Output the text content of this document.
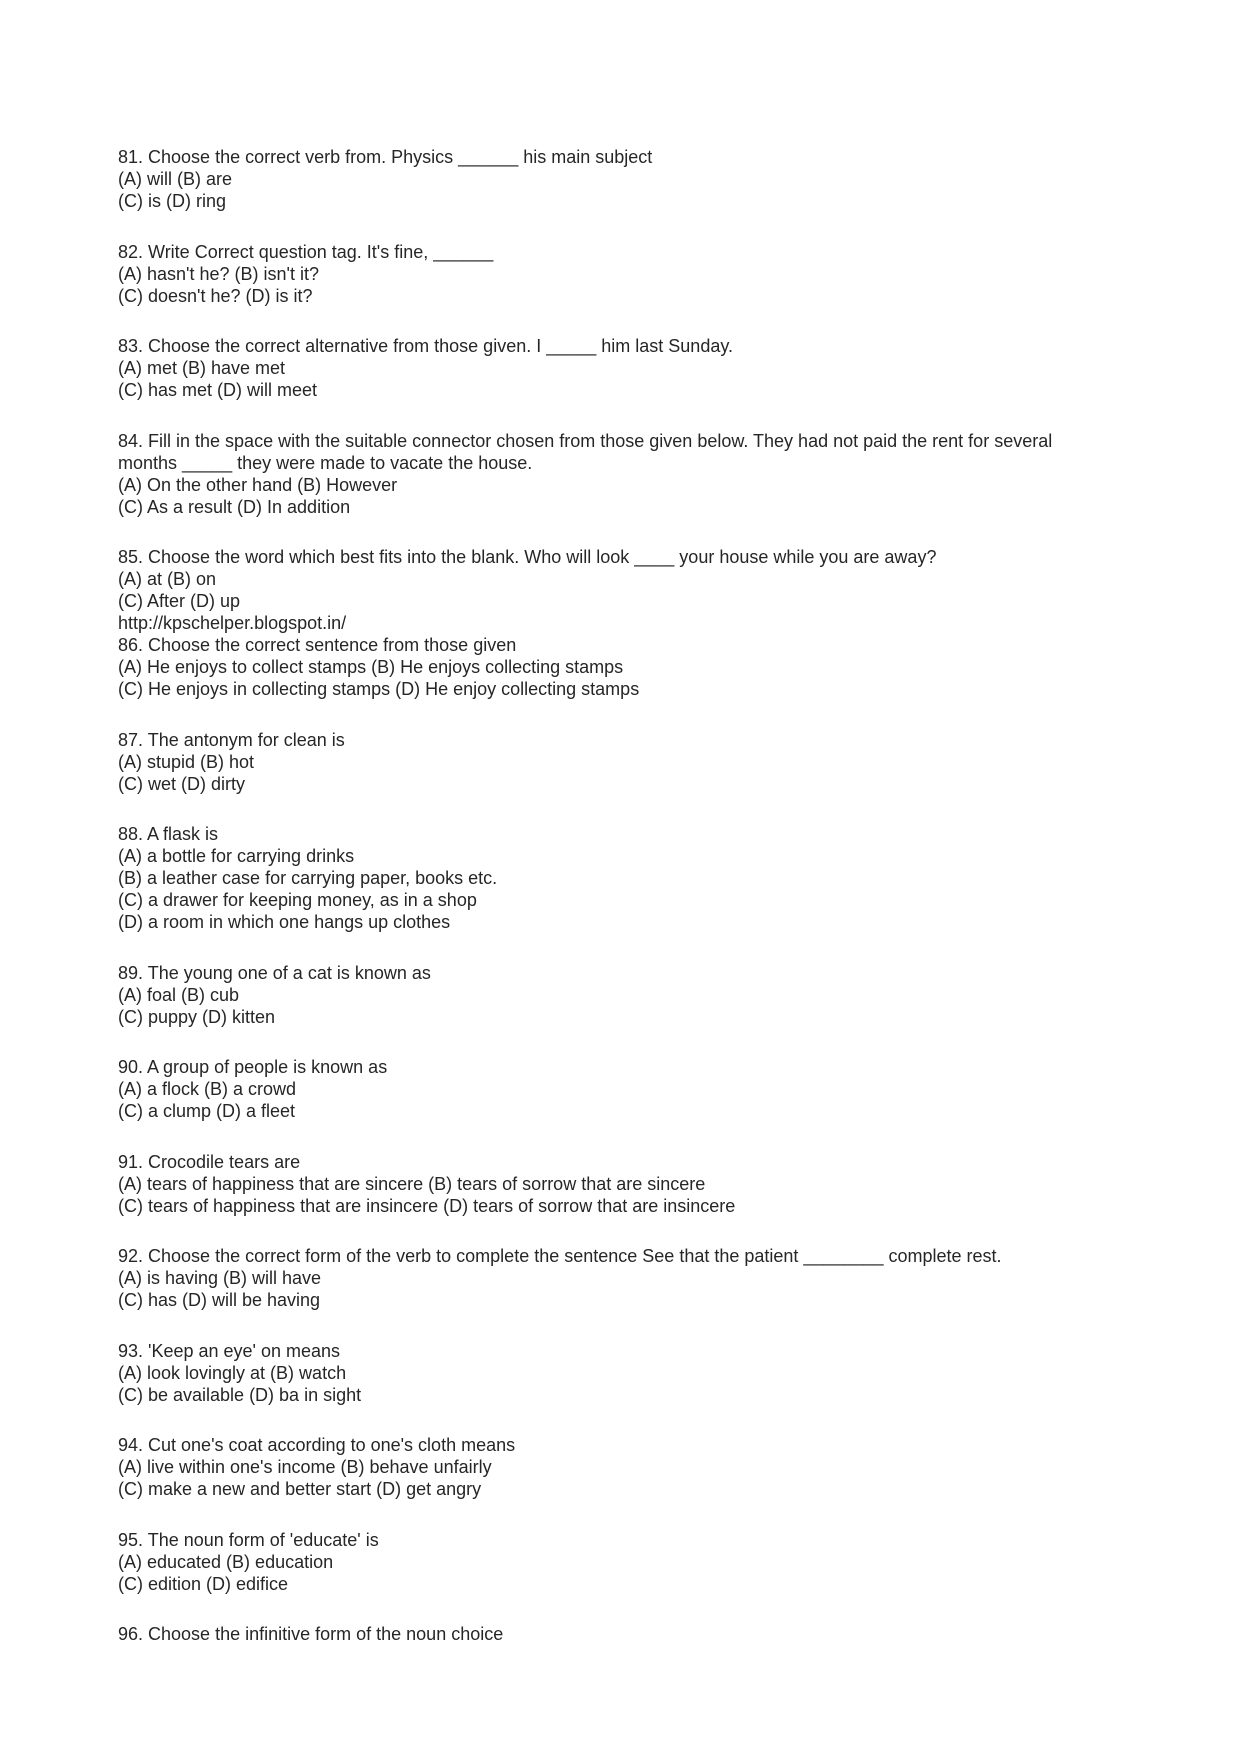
81. Choose the correct verb from. Physics ______ his main subject
(A) will (B) are
(C) is (D) ring
82. Write Correct question tag. It's fine, ______
(A) hasn't he? (B) isn't it?
(C) doesn't he? (D) is it?
83. Choose the correct alternative from those given. I _____ him last Sunday.
(A) met (B) have met
(C) has met (D) will meet
84. Fill in the space with the suitable connector chosen from those given below. They had not paid the rent for several months _____ they were made to vacate the house.
(A) On the other hand (B) However
(C) As a result (D) In addition
85. Choose the word which best fits into the blank. Who will look ____ your house while you are away?
(A) at (B) on
(C) After (D) up
http://kpschelper.blogspot.in/
86. Choose the correct sentence from those given
(A) He enjoys to collect stamps (B) He enjoys collecting stamps
(C) He enjoys in collecting stamps (D) He enjoy collecting stamps
87. The antonym for clean is
(A) stupid (B) hot
(C) wet (D) dirty
88. A flask is
(A) a bottle for carrying drinks
(B) a leather case for carrying paper, books etc.
(C) a drawer for keeping money, as in a shop
(D) a room in which one hangs up clothes
89. The young one of a cat is known as
(A) foal (B) cub
(C) puppy (D) kitten
90. A group of people is known as
(A) a flock (B) a crowd
(C) a clump (D) a fleet
91. Crocodile tears are
(A) tears of happiness that are sincere (B) tears of sorrow that are sincere
(C) tears of happiness that are insincere (D) tears of sorrow that are insincere
92. Choose the correct form of the verb to complete the sentence See that the patient ________ complete rest.
(A) is having (B) will have
(C) has (D) will be having
93. 'Keep an eye' on means
(A) look lovingly at (B) watch
(C) be available (D) ba in sight
94. Cut one's coat according to one's cloth means
(A) live within one's income (B) behave unfairly
(C) make a new and better start (D) get angry
95. The noun form of 'educate' is
(A) educated (B) education
(C) edition (D) edifice
96. Choose the infinitive form of the noun choice
